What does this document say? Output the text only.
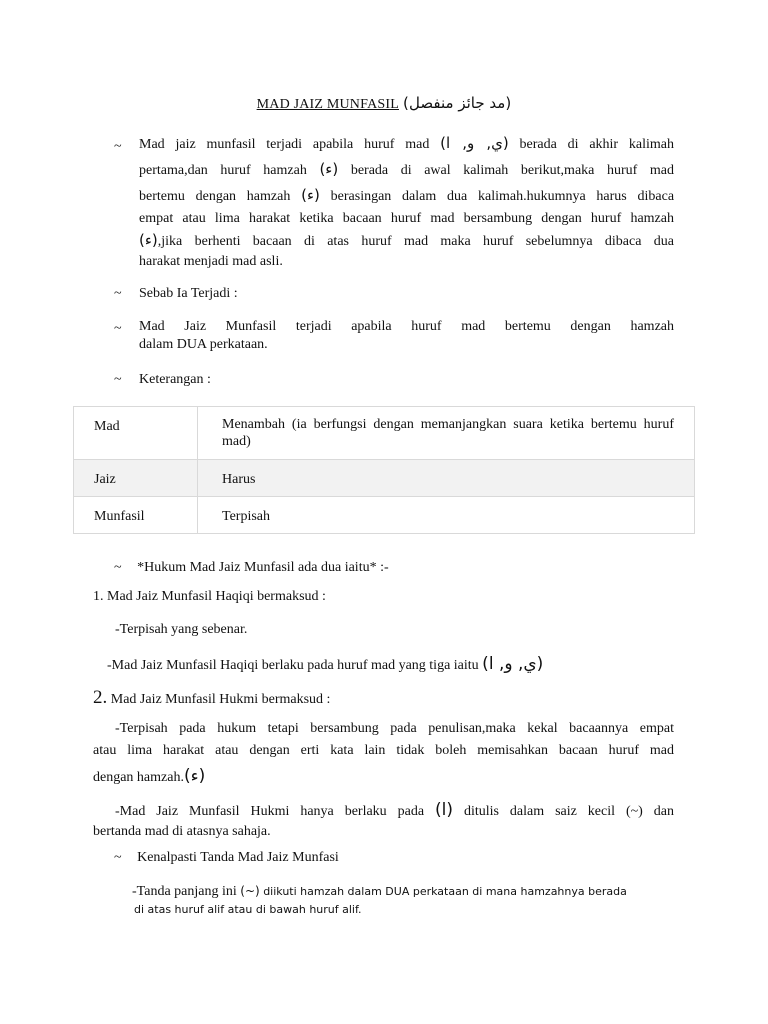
MAD JAIZ MUNFASIL (مد جائز منفصل)
~ Mad jaiz munfasil terjadi apabila huruf mad (ي, و, ا) berada di akhir kalimah
pertama,dan huruf hamzah (ء) berada di awal kalimah berikut,maka huruf mad
bertemu dengan hamzah (ء) berasingan dalam dua kalimah.hukumnya harus dibaca
empat atau lima harakat ketika bacaan huruf mad bersambung dengan huruf hamzah
(ء),jika berhenti bacaan di atas huruf mad maka huruf sebelumnya dibaca dua
harakat menjadi mad asli.
~ Sebab Ia Terjadi :
~ Mad Jaiz Munfasil terjadi apabila huruf mad bertemu dengan hamzah
dalam DUA perkataan.
~ Keterangan :
Mad	Menambah (ia berfungsi dengan memanjangkan suara ketika bertemu huruf mad)
Jaiz	Harus
Munfasil	Terpisah
~ *Hukum Mad Jaiz Munfasil ada dua iaitu* :-
1. Mad Jaiz Munfasil Haqiqi bermaksud :
-Terpisah yang sebenar.
-Mad Jaiz Munfasil Haqiqi berlaku pada huruf mad yang tiga iaitu (ي, و, ا)
2. Mad Jaiz Munfasil Hukmi bermaksud :
-Terpisah pada hukum tetapi bersambung pada penulisan,maka kekal bacaannya empat
atau lima harakat atau dengan erti kata lain tidak boleh memisahkan bacaan huruf mad
dengan hamzah.(ء)
-Mad Jaiz Munfasil Hukmi hanya berlaku pada (ا) ditulis dalam saiz kecil (~) dan
bertanda mad di atasnya sahaja.
~ Kenalpasti Tanda Mad Jaiz Munfasi
-Tanda panjang ini (~) diikuti hamzah dalam DUA perkataan di mana hamzahnya berada
di atas huruf alif atau di bawah huruf alif.
